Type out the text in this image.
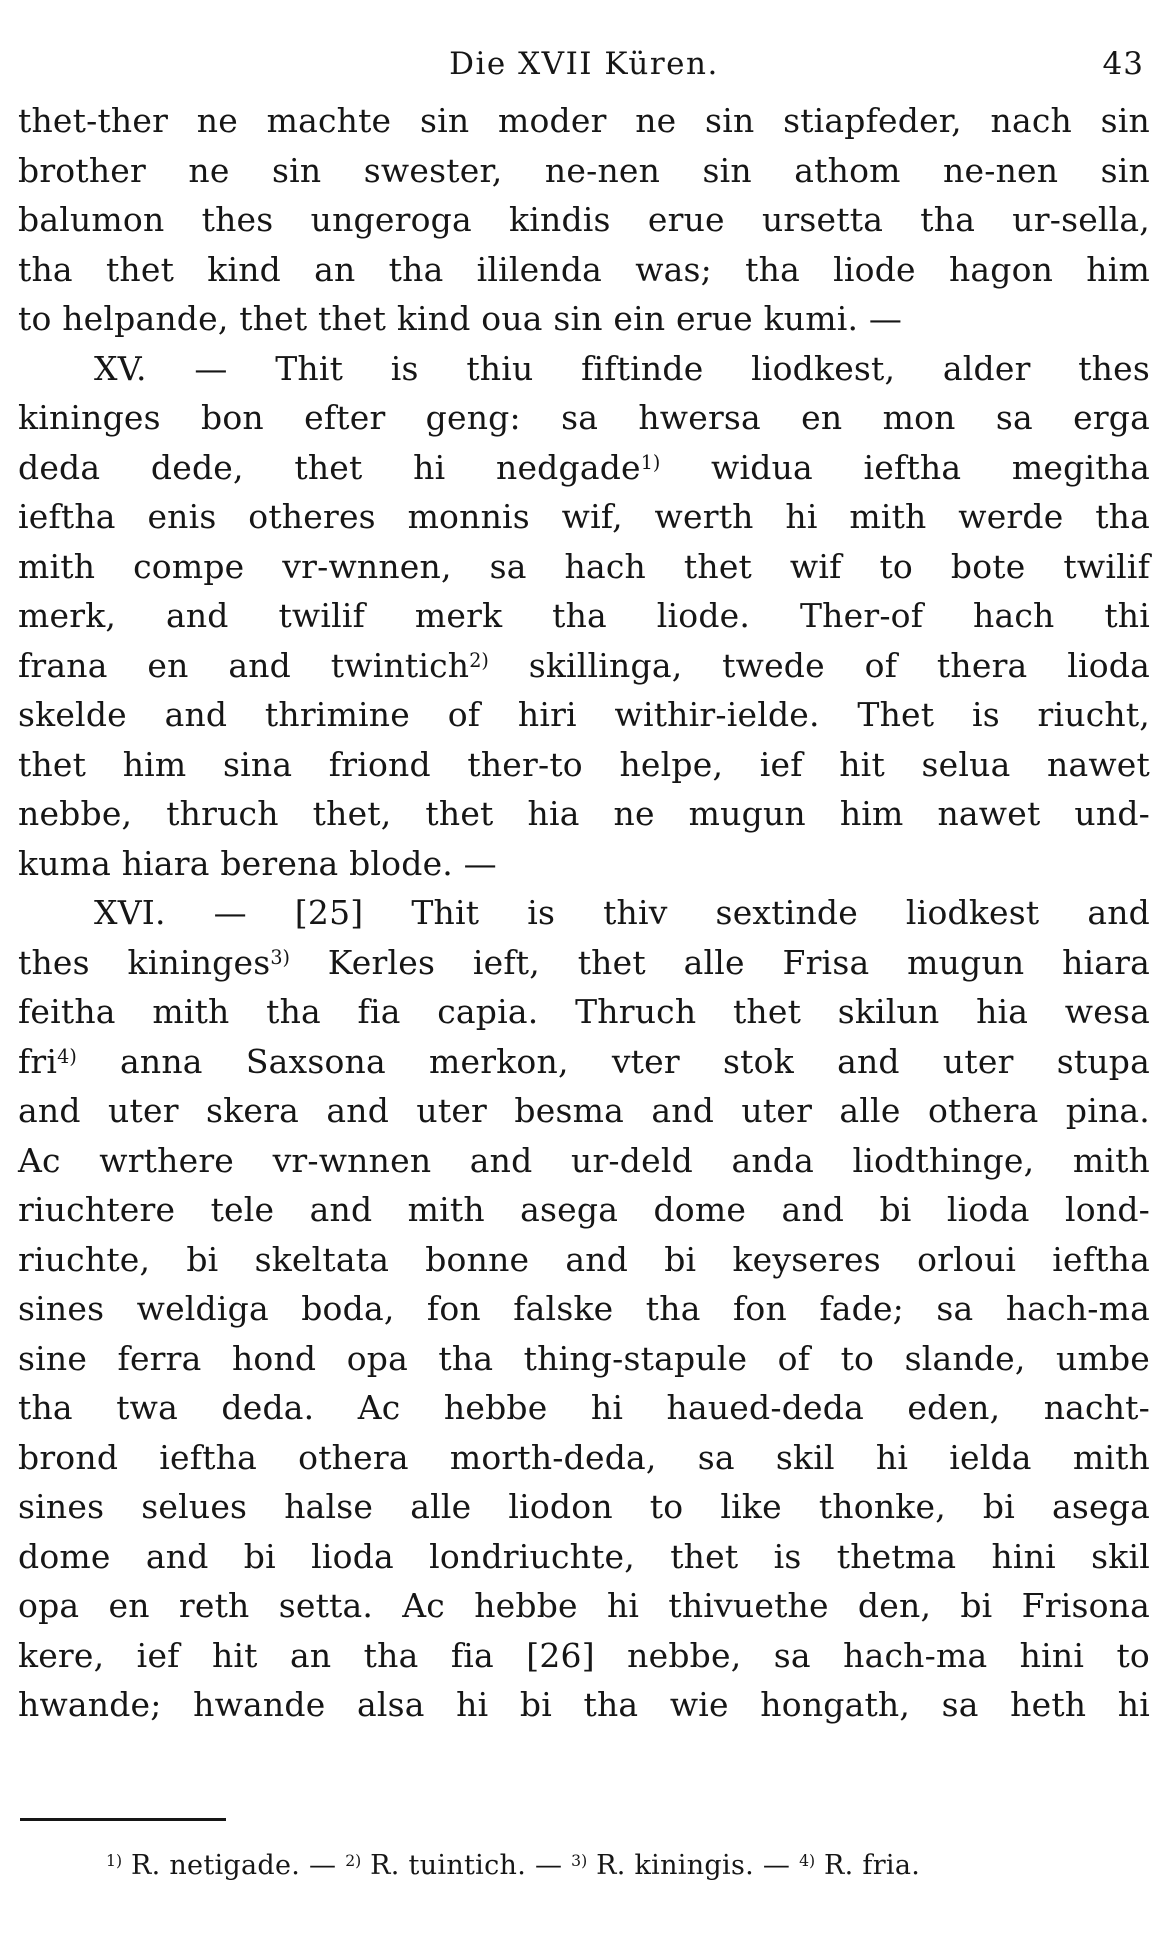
Die XVII Küren.	43
thet-ther ne machte sin moder ne sin stiapfeder, nach sin
brother ne sin swester, ne-nen sin athom ne-nen sin
balumon thes ungeroga kindis erue ursetta tha ur-sella,
tha thet kind an tha ililenda was; tha liode hagon him
to helpande, thet thet kind oua sin ein erue kumi. —
XV. — Thit is thiu fiftinde liodkest, alder thes
kininges bon efter geng: sa hwersa en mon sa erga
deda dede, thet hi nedgade$^{1)}$ widua ieftha megitha
ieftha enis otheres monnis wif, werth hi mith werde tha
mith compe vr-wnnen, sa hach thet wif to bote twilif
merk, and twilif merk tha liode. Ther-of hach thi
frana en and twintich$^{2)}$ skillinga, twede of thera lioda
skelde and thrimine of hiri withir-ielde. Thet is riucht,
thet him sina friond ther-to helpe, ief hit selua nawet
nebbe, thruch thet, thet hia ne mugun him nawet und-
kuma hiara berena blode. —
XVI. — [25] Thit is thiv sextinde liodkest and
thes kininges$^{3)}$ Kerles ieft, thet alle Frisa mugun hiara
feitha mith tha fia capia. Thruch thet skilun hia wesa
fri$^{4)}$ anna Saxsona merkon, vter stok and uter stupa
and uter skera and uter besma and uter alle othera pina.
Ac wrthere vr-wnnen and ur-deld anda liodthinge, mith
riuchtere tele and mith asega dome and bi lioda lond-
riuchte, bi skeltata bonne and bi keyseres orloui ieftha
sines weldiga boda, fon falske tha fon fade; sa hach-ma
sine ferra hond opa tha thing-stapule of to slande, umbe
tha twa deda. Ac hebbe hi haued-deda eden, nacht-
brond ieftha othera morth-deda, sa skil hi ielda mith
sines selues halse alle liodon to like thonke, bi asega
dome and bi lioda londriuchte, thet is thetma hini skil
opa en reth setta. Ac hebbe hi thivuethe den, bi Frisona
kere, ief hit an tha fia [26] nebbe, sa hach-ma hini to
hwande; hwande alsa hi bi tha wie hongath, sa heth hi
$^{1)}$ R. netigade. — $^{2)}$ R. tuintich. — $^{3)}$ R. kiningis. — $^{4)}$ R. fria.
